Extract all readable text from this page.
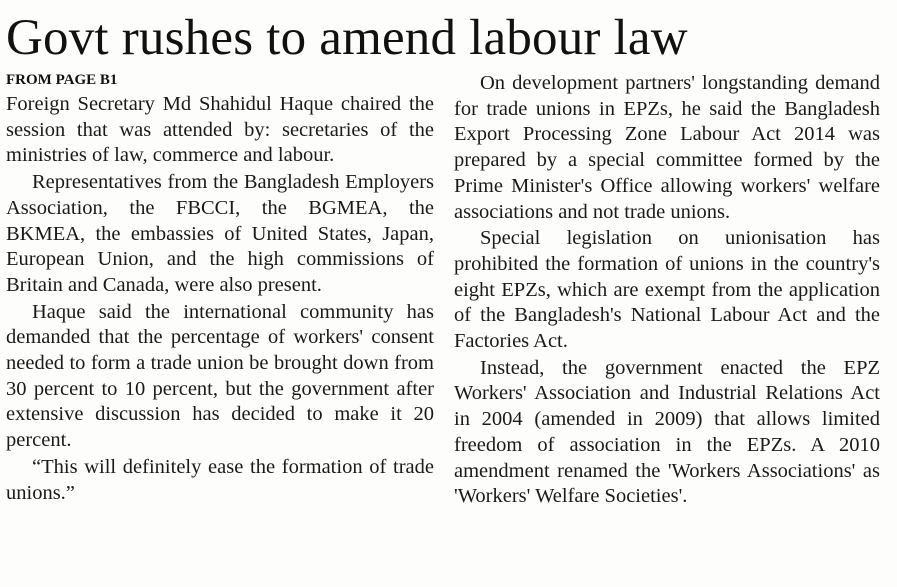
Govt rushes to amend labour law
FROM PAGE B1

Foreign Secretary Md Shahidul Haque chaired the session that was attended by: secretaries of the ministries of law, commerce and labour.

Representatives from the Bangladesh Employers Association, the FBCCI, the BGMEA, the BKMEA, the embassies of United States, Japan, European Union, and the high commissions of Britain and Canada, were also present.

Haque said the international community has demanded that the percentage of workers' consent needed to form a trade union be brought down from 30 percent to 10 percent, but the government after extensive discussion has decided to make it 20 percent.

“This will definitely ease the formation of trade unions.”

On development partners' longstanding demand for trade unions in EPZs, he said the Bangladesh Export Processing Zone Labour Act 2014 was prepared by a special committee formed by the Prime Minister's Office allowing workers' welfare associations and not trade unions.

Special legislation on unionisation has prohibited the formation of unions in the country's eight EPZs, which are exempt from the application of the Bangladesh's National Labour Act and the Factories Act.

Instead, the government enacted the EPZ Workers' Association and Industrial Relations Act in 2004 (amended in 2009) that allows limited freedom of association in the EPZs. A 2010 amendment renamed the 'Workers Associations' as 'Workers' Welfare Societies'.
